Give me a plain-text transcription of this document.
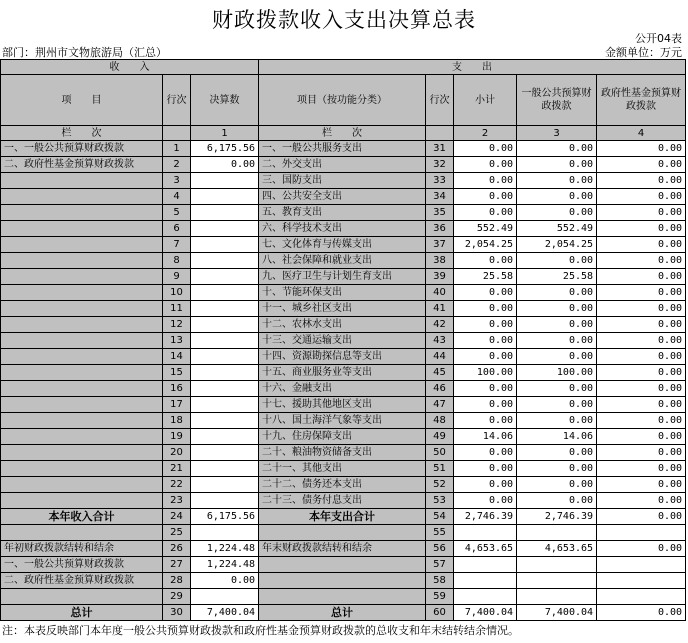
财政拨款收入支出决算总表
公开04表
部门：荆州市文物旅游局（汇总）	金额单位：万元
收　　入			支　　出				
项　　目	行次	决算数	项目（按功能分类）	行次	小计	一般公共预算财政拨款	政府性基金预算财政拨款
栏　　次		1	栏　　次		2	3	4
一、一般公共预算财政拨款	1	6,175.56	一、一般公共服务支出	31	0.00	0.00	0.00
二、政府性基金预算财政拨款	2	0.00	二、外交支出	32	0.00	0.00	0.00
	3		三、国防支出	33	0.00	0.00	0.00
	4		四、公共安全支出	34	0.00	0.00	0.00
	5		五、教育支出	35	0.00	0.00	0.00
	6		六、科学技术支出	36	552.49	552.49	0.00
	7		七、文化体育与传媒支出	37	2,054.25	2,054.25	0.00
	8		八、社会保障和就业支出	38	0.00	0.00	0.00
	9		九、医疗卫生与计划生育支出	39	25.58	25.58	0.00
	10		十、节能环保支出	40	0.00	0.00	0.00
	11		十一、城乡社区支出	41	0.00	0.00	0.00
	12		十二、农林水支出	42	0.00	0.00	0.00
	13		十三、交通运输支出	43	0.00	0.00	0.00
	14		十四、资源勘探信息等支出	44	0.00	0.00	0.00
	15		十五、商业服务业等支出	45	100.00	100.00	0.00
	16		十六、金融支出	46	0.00	0.00	0.00
	17		十七、援助其他地区支出	47	0.00	0.00	0.00
	18		十八、国土海洋气象等支出	48	0.00	0.00	0.00
	19		十九、住房保障支出	49	14.06	14.06	0.00
	20		二十、粮油物资储备支出	50	0.00	0.00	0.00
	21		二十一、其他支出	51	0.00	0.00	0.00
	22		二十二、债务还本支出	52	0.00	0.00	0.00
	23		二十三、债务付息支出	53	0.00	0.00	0.00
本年收入合计	24	6,175.56	本年支出合计	54	2,746.39	2,746.39	0.00
	25			55			
年初财政拨款结转和结余	26	1,224.48	年末财政拨款结转和结余	56	4,653.65	4,653.65	0.00
一、一般公共预算财政拨款	27	1,224.48		57			
二、政府性基金预算财政拨款	28	0.00		58			
	29			59			
总计	30	7,400.04	总计	60	7,400.04	7,400.04	0.00
注：本表反映部门本年度一般公共预算财政拨款和政府性基金预算财政拨款的总收支和年末结转结余情况。
